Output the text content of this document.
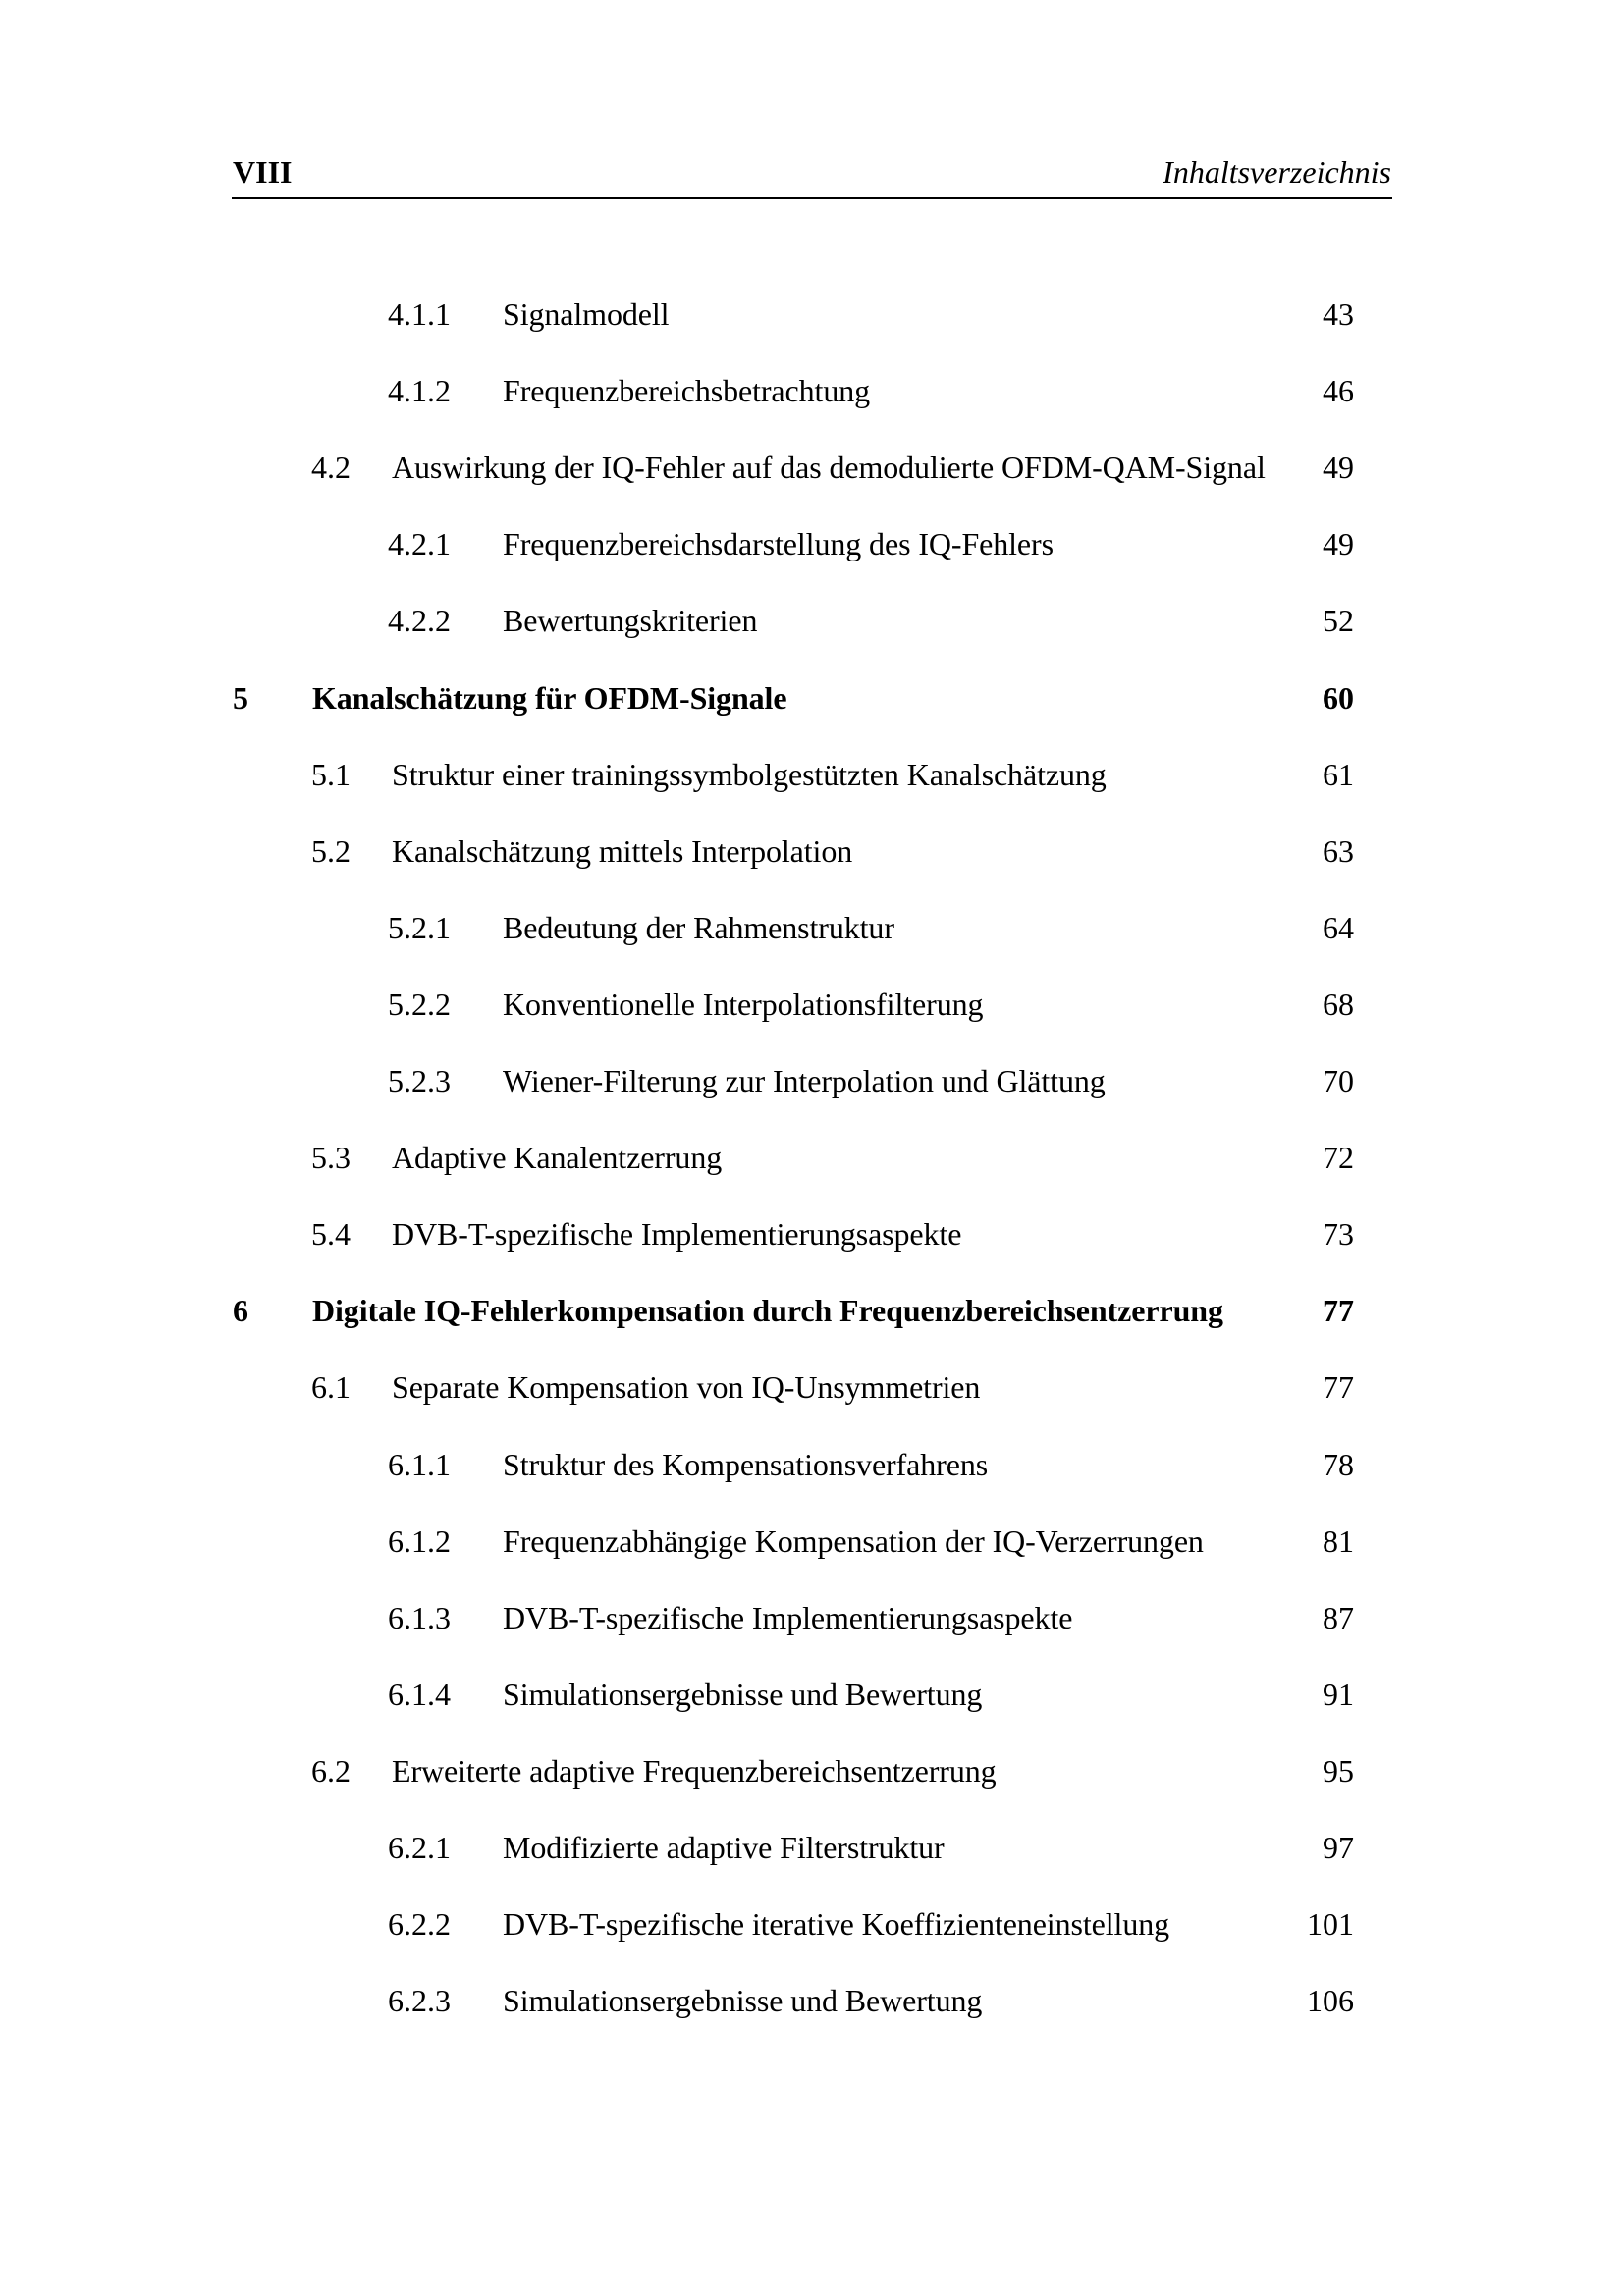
VIII	Inhaltsverzeichnis
4.1.1 Signalmodell	43
4.1.2 Frequenzbereichsbetrachtung	46
4.2 Auswirkung der IQ-Fehler auf das demodulierte OFDM-QAM-Signal 49
4.2.1 Frequenzbereichsdarstellung des IQ-Fehlers	49
4.2.2 Bewertungskriterien	52
5 Kanalschätzung für OFDM-Signale	60
5.1 Struktur einer trainingssymbolgestützten Kanalschätzung	61
5.2 Kanalschätzung mittels Interpolation	63
5.2.1 Bedeutung der Rahmenstruktur	64
5.2.2 Konventionelle Interpolationsfilterung	68
5.2.3 Wiener-Filterung zur Interpolation und Glättung	70
5.3 Adaptive Kanalentzerrung	72
5.4 DVB-T-spezifische Implementierungsaspekte	73
6 Digitale IQ-Fehlerkompensation durch Frequenzbereichsentzerrung	77
6.1 Separate Kompensation von IQ-Unsymmetrien	77
6.1.1 Struktur des Kompensationsverfahrens	78
6.1.2 Frequenzabhängige Kompensation der IQ-Verzerrungen	81
6.1.3 DVB-T-spezifische Implementierungsaspekte	87
6.1.4 Simulationsergebnisse und Bewertung	91
6.2 Erweiterte adaptive Frequenzbereichsentzerrung	95
6.2.1 Modifizierte adaptive Filterstruktur	97
6.2.2 DVB-T-spezifische iterative Koeffizienteneinstellung	101
6.2.3 Simulationsergebnisse und Bewertung	106
